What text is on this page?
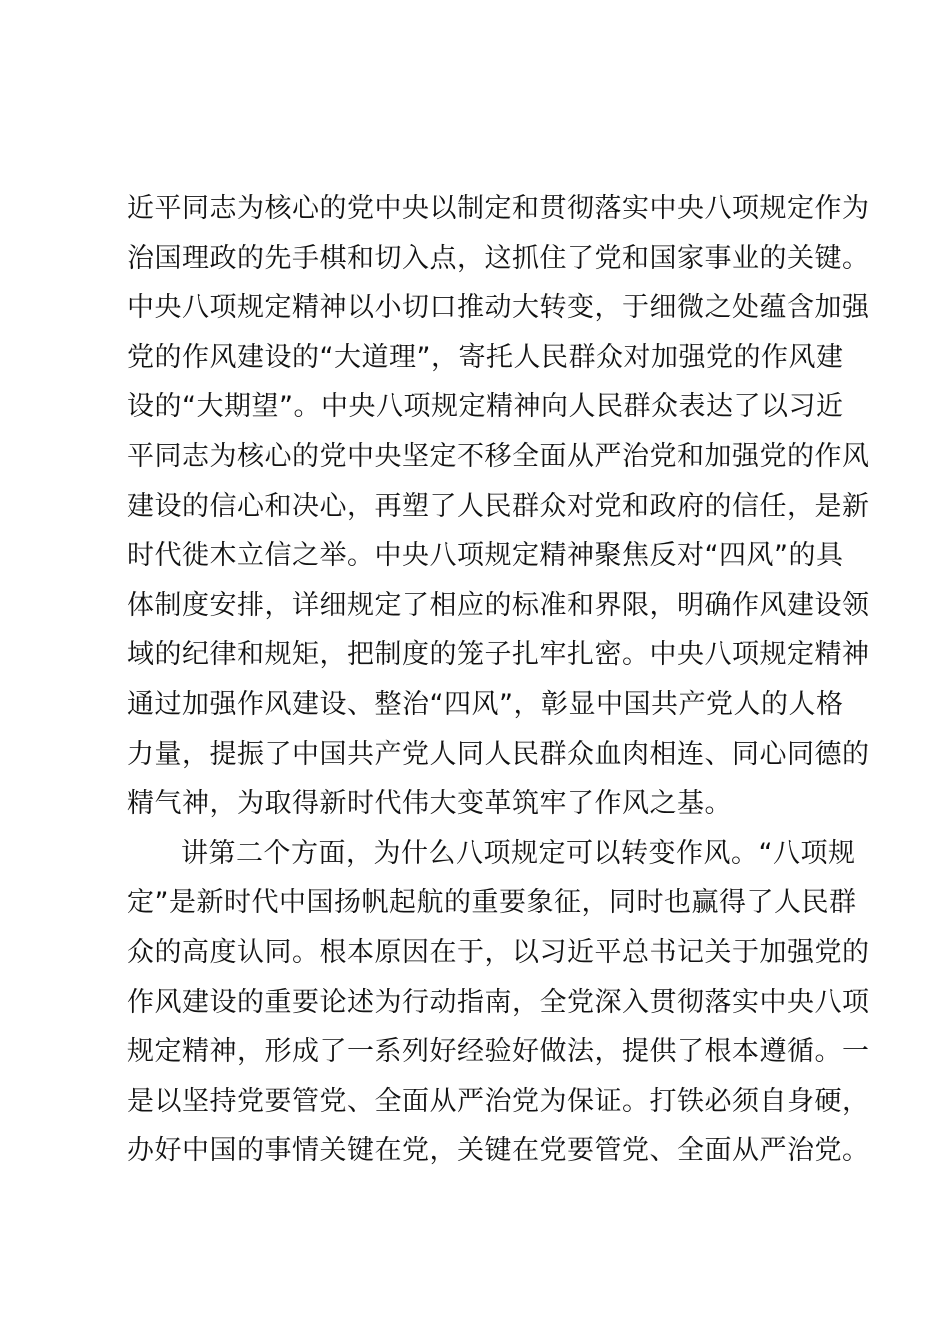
近平同志为核心的党中央以制定和贯彻落实中央八项规定作为
治国理政的先手棋和切入点，这抓住了党和国家事业的关键。
中央八项规定精神以小切口推动大转变，于细微之处蕴含加强
党的作风建设的“大道理”，寄托人民群众对加强党的作风建
设的“大期望”。中央八项规定精神向人民群众表达了以习近
平同志为核心的党中央坚定不移全面从严治党和加强党的作风
建设的信心和决心，再塑了人民群众对党和政府的信任，是新
时代徙木立信之举。中央八项规定精神聚焦反对“四风”的具
体制度安排，详细规定了相应的标准和界限，明确作风建设领
域的纪律和规矩，把制度的笼子扎牢扎密。中央八项规定精神
通过加强作风建设、整治“四风”，彰显中国共产党人的人格
力量，提振了中国共产党人同人民群众血肉相连、同心同德的
精气神，为取得新时代伟大变革筑牢了作风之基。
讲第二个方面，为什么八项规定可以转变作风。“八项规
定”是新时代中国扬帆起航的重要象征，同时也赢得了人民群
众的高度认同。根本原因在于，以习近平总书记关于加强党的
作风建设的重要论述为行动指南，全党深入贯彻落实中央八项
规定精神，形成了一系列好经验好做法，提供了根本遵循。一
是以坚持党要管党、全面从严治党为保证。打铁必须自身硬，
办好中国的事情关键在党，关键在党要管党、全面从严治党。
